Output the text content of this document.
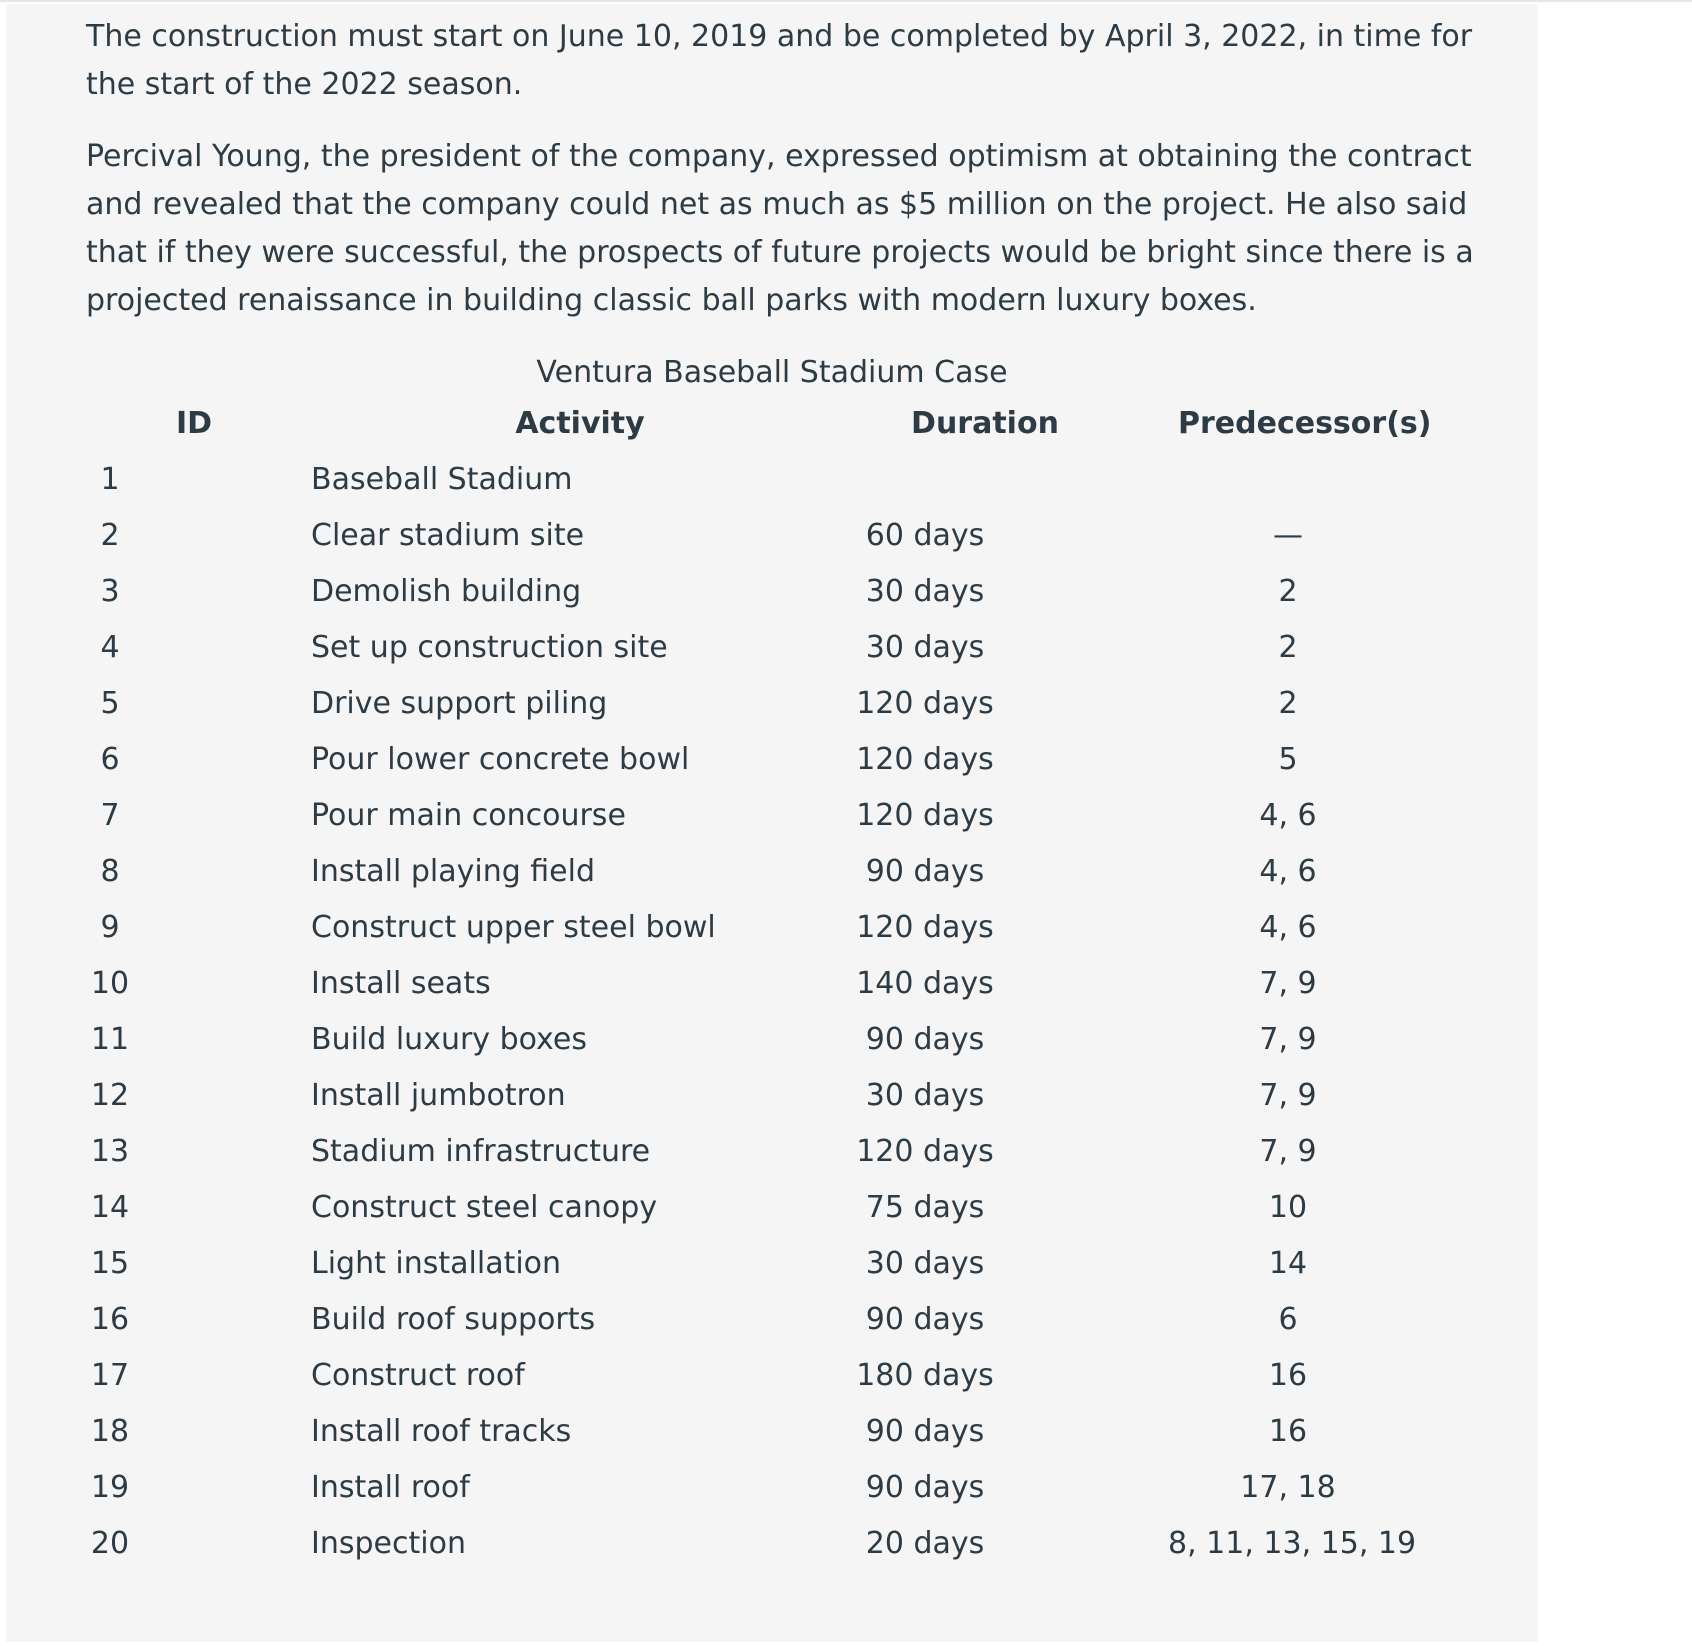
The construction must start on June 10, 2019 and be completed by April 3, 2022, in time for the start of the 2022 season.

Percival Young, the president of the company, expressed optimism at obtaining the contract and revealed that the company could net as much as $5 million on the project. He also said that if they were successful, the prospects of future projects would be bright since there is a projected renaissance in building classic ball parks with modern luxury boxes.

Ventura Baseball Stadium Case
ID	Activity	Duration	Predecessor(s)
1	Baseball Stadium
2	Clear stadium site	60 days	—
3	Demolish building	30 days	2
4	Set up construction site	30 days	2
5	Drive support piling	120 days	2
6	Pour lower concrete bowl	120 days	5
7	Pour main concourse	120 days	4, 6
8	Install playing field	90 days	4, 6
9	Construct upper steel bowl	120 days	4, 6
10	Install seats	140 days	7, 9
11	Build luxury boxes	90 days	7, 9
12	Install jumbotron	30 days	7, 9
13	Stadium infrastructure	120 days	7, 9
14	Construct steel canopy	75 days	10
15	Light installation	30 days	14
16	Build roof supports	90 days	6
17	Construct roof	180 days	16
18	Install roof tracks	90 days	16
19	Install roof	90 days	17, 18
20	Inspection	20 days	8, 11, 13, 15, 19
